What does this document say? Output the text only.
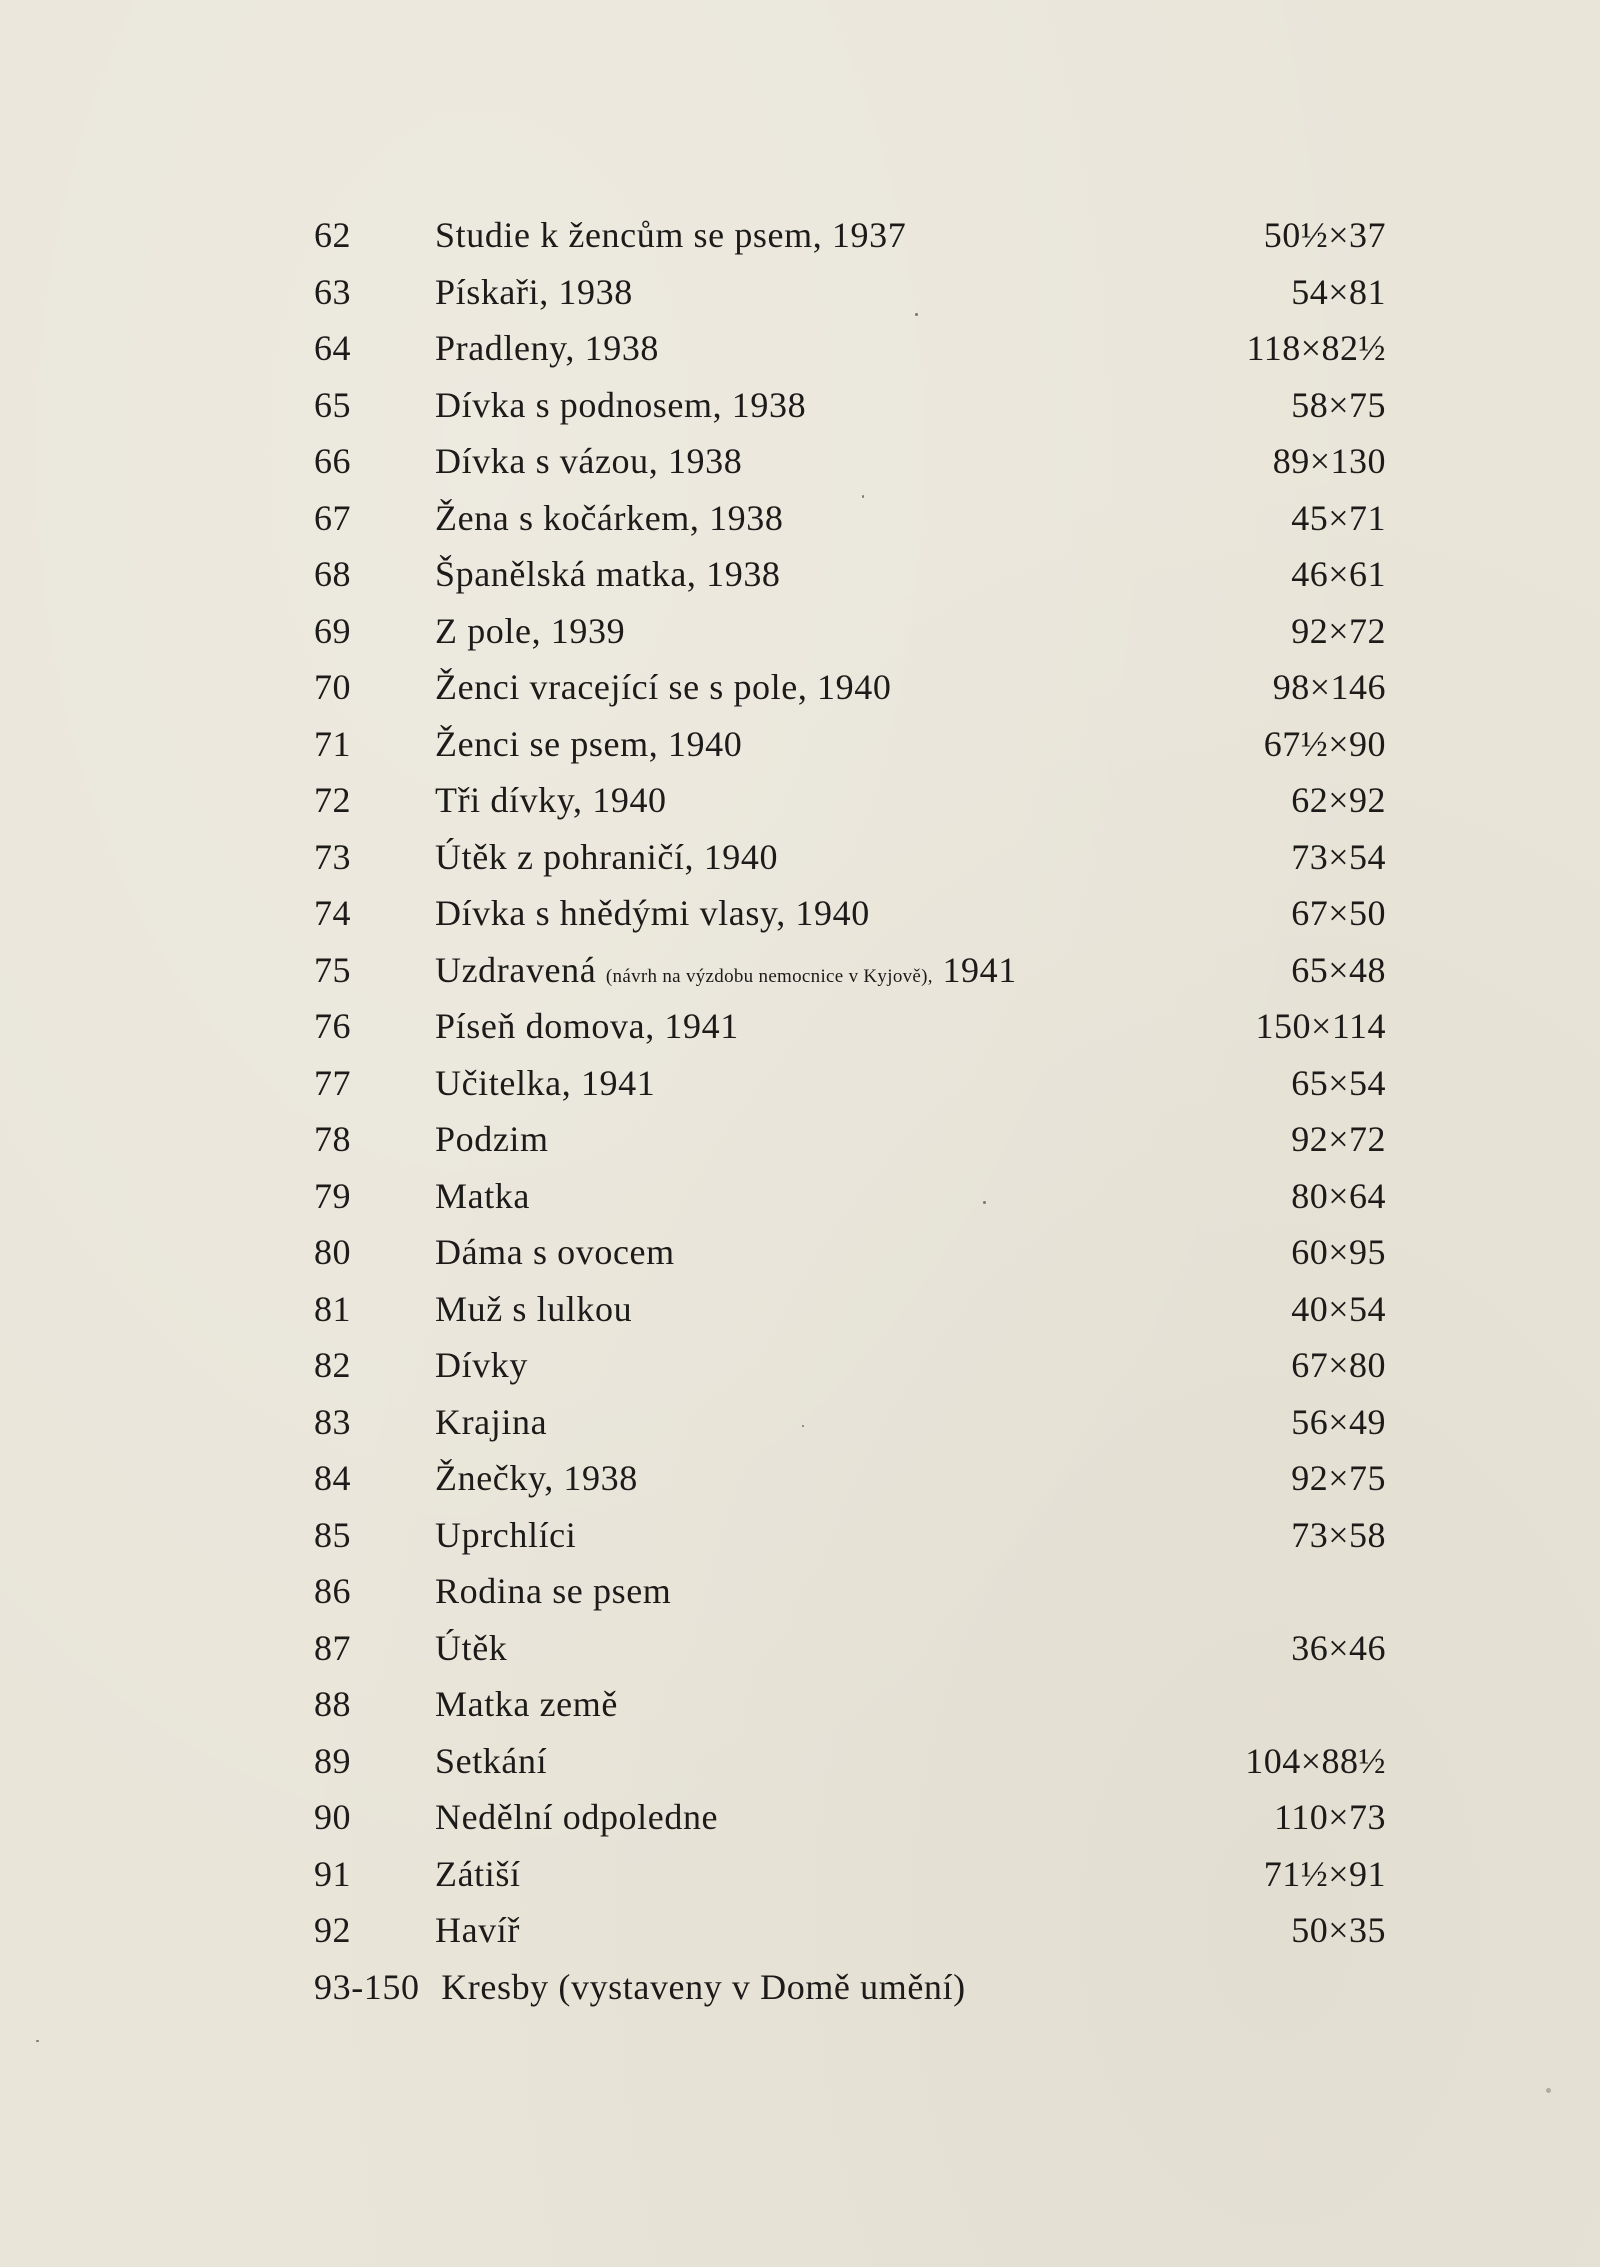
62 Studie k žencům se psem, 1937	50½×37
63 Pískaři, 1938	54×81
64 Pradleny, 1938	118×82½
65 Dívka s podnosem, 1938	58×75
66 Dívka s vázou, 1938	89×130
67 Žena s kočárkem, 1938	45×71
68 Španělská matka, 1938	46×61
69 Z pole, 1939	92×72
70 Ženci vracející se s pole, 1940	98×146
71 Ženci se psem, 1940	67½×90
72 Tři dívky, 1940	62×92
73 Útěk z pohraničí, 1940	73×54
74 Dívka s hnědými vlasy, 1940	67×50
75 Uzdravená (návrh na výzdobu nemocnice v Kyjově), 1941	65×48
76 Píseň domova, 1941	150×114
77 Učitelka, 1941	65×54
78 Podzim	92×72
79 Matka	80×64
80 Dáma s ovocem	60×95
81 Muž s lulkou	40×54
82 Dívky	67×80
83 Krajina	56×49
84 Žnečky, 1938	92×75
85 Uprchlíci	73×58
86 Rodina se psem
87 Útěk	36×46
88 Matka země
89 Setkání	104×88½
90 Nedělní odpoledne	110×73
91 Zátiší	71½×91
92 Havíř	50×35
93-150 Kresby (vystaveny v Domě umění)
